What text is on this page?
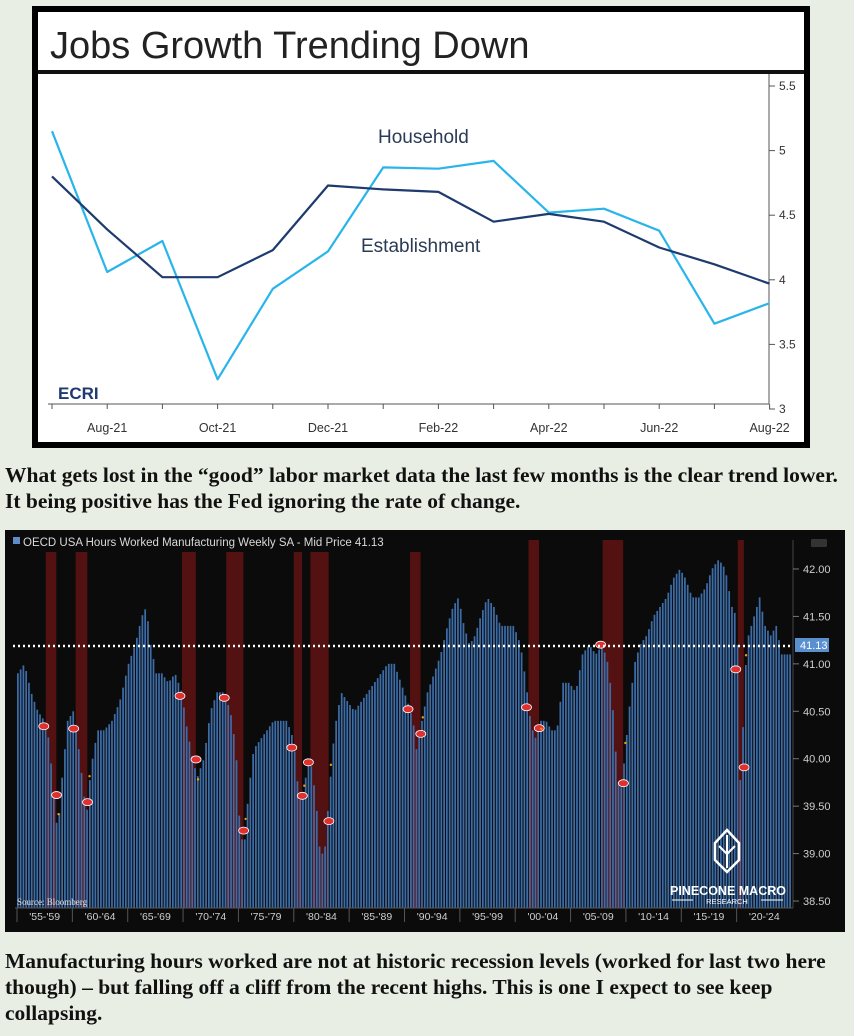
Jobs Growth Trending Down
5.5
5
4.5
4
3.5
3
Aug-21	Oct-21	Dec-21	Feb-22	Apr-22	Jun-22	Aug-22
Household
Establishment
ECRI
What gets lost in the “good” labor market data the last few months is the clear trend lower. It being positive has the Fed ignoring the rate of change.
OECD USA Hours Worked Manufacturing Weekly SA - Mid Price 41.13
42.00
41.50
41.00
40.50
40.00
39.50
39.00
38.50
41.13
'55-'59 '60-'64 '65-'69 '70-'74 '75-'79 '80-'84 '85-'89 '90-'94 '95-'99 '00-'04 '05-'09 '10-'14 '15-'19 '20-'24
Source: Bloomberg
PINECONE MACRO
RESEARCH
Manufacturing hours worked are not at historic recession levels (worked for last two here though) – but falling off a cliff from the recent highs. This is one I expect to see keep collapsing.
